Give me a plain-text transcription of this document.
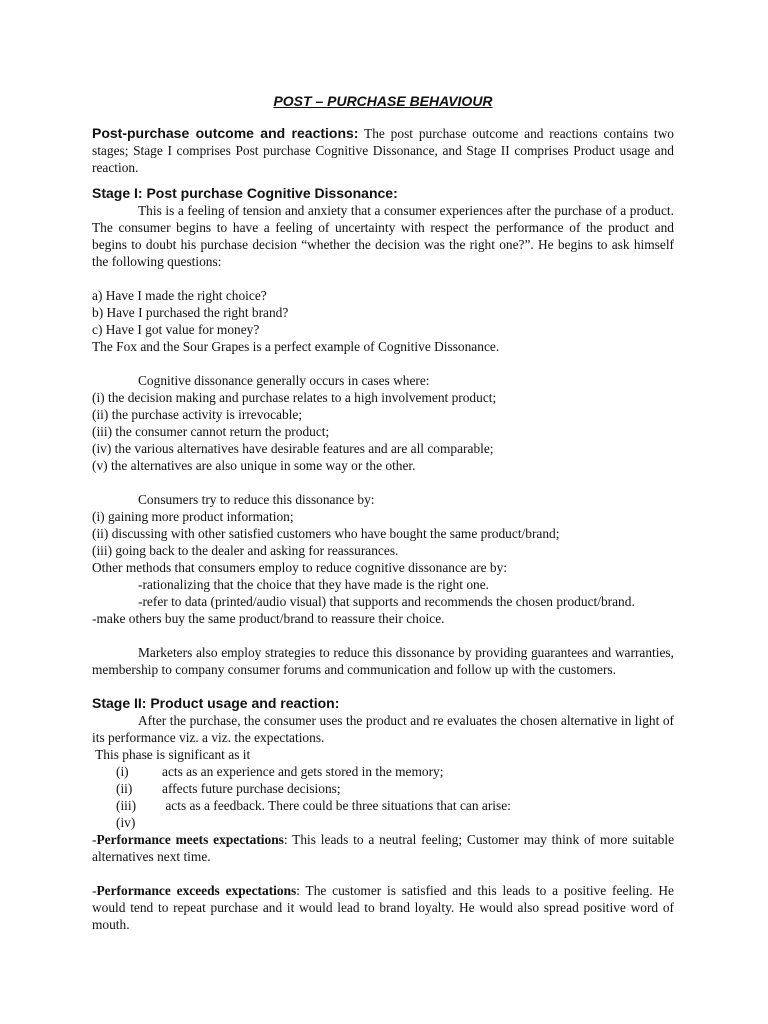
POST – PURCHASE BEHAVIOUR

Post-purchase outcome and reactions: The post purchase outcome and reactions contains two stages; Stage I comprises Post purchase Cognitive Dissonance, and Stage II comprises Product usage and reaction.

Stage I: Post purchase Cognitive Dissonance:

This is a feeling of tension and anxiety that a consumer experiences after the purchase of a product. The consumer begins to have a feeling of uncertainty with respect the performance of the product and begins to doubt his purchase decision “whether the decision was the right one?”. He begins to ask himself the following questions:

a) Have I made the right choice?
b) Have I purchased the right brand?
c) Have I got value for money?
The Fox and the Sour Grapes is a perfect example of Cognitive Dissonance.

Cognitive dissonance generally occurs in cases where:

(i) the decision making and purchase relates to a high involvement product;
(ii) the purchase activity is irrevocable;
(iii) the consumer cannot return the product;
(iv) the various alternatives have desirable features and are all comparable;
(v) the alternatives are also unique in some way or the other.

Consumers try to reduce this dissonance by:

(i) gaining more product information;
(ii) discussing with other satisfied customers who have bought the same product/brand;
(iii) going back to the dealer and asking for reassurances.
Other methods that consumers employ to reduce cognitive dissonance are by:
-rationalizing that the choice that they have made is the right one.

-refer to data (printed/audio visual) that supports and recommends the chosen product/brand.

-make others buy the same product/brand to reassure their choice.

Marketers also employ strategies to reduce this dissonance by providing guarantees and warranties, membership to company consumer forums and communication and follow up with the customers.

Stage II: Product usage and reaction:

After the purchase, the consumer uses the product and re evaluates the chosen alternative in light of its performance viz. a viz. the expectations.

This phase is significant as it
(i)	acts as an experience and gets stored in the memory;
(ii)	affects future purchase decisions;
(iii)	acts as a feedback. There could be three situations that can arise:
(iv)

-Performance meets expectations: This leads to a neutral feeling; Customer may think of more suitable alternatives next time.

-Performance exceeds expectations: The customer is satisfied and this leads to a positive feeling. He would tend to repeat purchase and it would lead to brand loyalty. He would also spread positive word of mouth.
